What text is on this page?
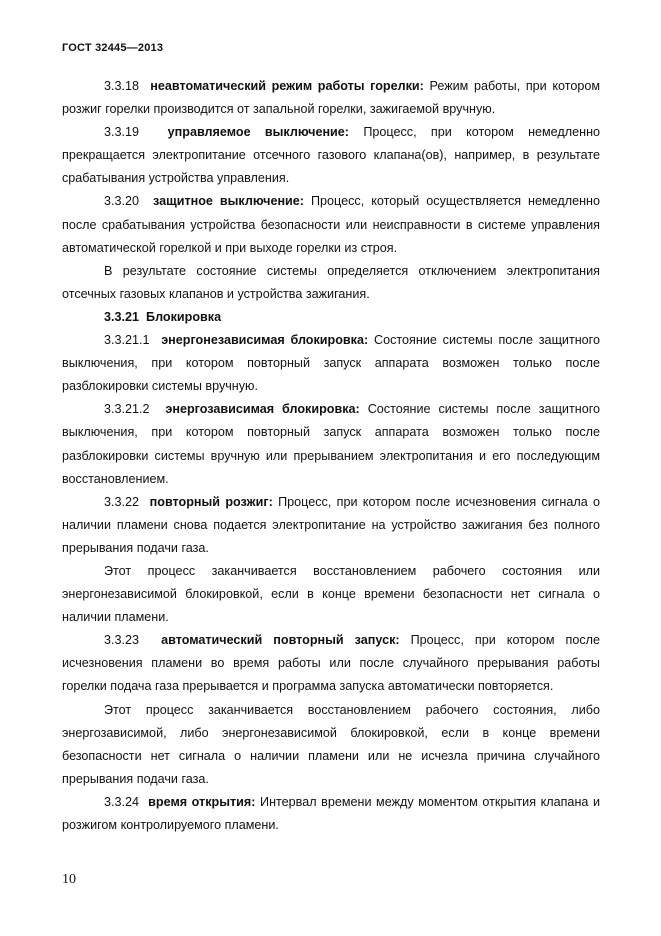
ГОСТ 32445—2013

3.3.18 неавтоматический режим работы горелки: Режим работы, при котором розжиг горелки производится от запальной горелки, зажигаемой вручную.

3.3.19 управляемое выключение: Процесс, при котором немедленно прекращается электропитание отсечного газового клапана(ов), например, в результате срабатывания устройства управления.

3.3.20 защитное выключение: Процесс, который осуществляется немедленно после срабатывания устройства безопасности или неисправности в системе управления автоматической горелкой и при выходе горелки из строя.

В результате состояние системы определяется отключением электропитания отсечных газовых клапанов и устройства зажигания.

3.3.21 Блокировка

3.3.21.1 энергонезависимая блокировка: Состояние системы после защитного выключения, при котором повторный запуск аппарата возможен только после разблокировки системы вручную.

3.3.21.2 энергозависимая блокировка: Состояние системы после защитного выключения, при котором повторный запуск аппарата возможен только после разблокировки системы вручную или прерыванием электропитания и его последующим восстановлением.

3.3.22 повторный розжиг: Процесс, при котором после исчезновения сигнала о наличии пламени снова подается электропитание на устройство зажигания без полного прерывания подачи газа.

Этот процесс заканчивается восстановлением рабочего состояния или энергонезависимой блокировкой, если в конце времени безопасности нет сигнала о наличии пламени.

3.3.23 автоматический повторный запуск: Процесс, при котором после исчезновения пламени во время работы или после случайного прерывания работы горелки подача газа прерывается и программа запуска автоматически повторяется.

Этот процесс заканчивается восстановлением рабочего состояния, либо энергозависимой, либо энергонезависимой блокировкой, если в конце времени безопасности нет сигнала о наличии пламени или не исчезла причина случайного прерывания подачи газа.

3.3.24 время открытия: Интервал времени между моментом открытия клапана и розжигом контролируемого пламени.

10
